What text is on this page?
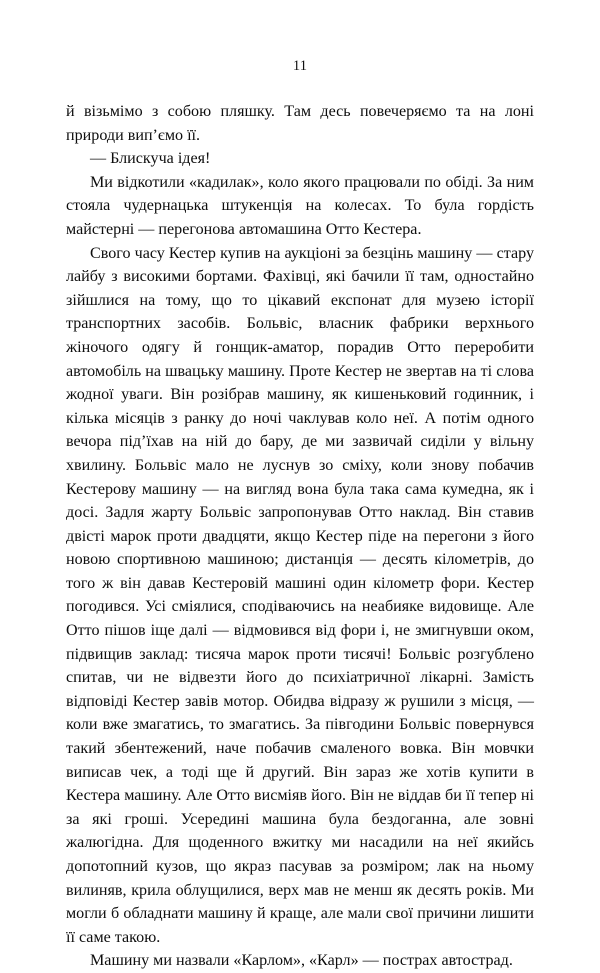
11

й візьмімо з собою пляшку. Там десь повечеряємо та на лоні природи вип’ємо її.

— Блискуча ідея!

Ми відкотили «кадилак», коло якого працювали по обіді. За ним стояла чудернацька штукенція на колесах. То була гордість майстерні — перегонова автомашина Отто Кестера.

Свого часу Кестер купив на аукціоні за безцінь машину — стару лайбу з високими бортами. Фахівці, які бачили її там, одностайно зійшлися на тому, що то цікавий експонат для музею історії транспортних засобів. Больвіс, власник фабрики верхнього жіночого одягу й гонщик-аматор, порадив Отто переробити автомобіль на швацьку машину. Проте Кестер не звертав на ті слова жодної уваги. Він розібрав машину, як кишеньковий годинник, і кілька місяців з ранку до ночі чаклував коло неї. А потім одного вечора під’їхав на ній до бару, де ми зазвичай сиділи у вільну хвилину. Больвіс мало не луснув зо сміху, коли знову побачив Кестерову машину — на вигляд вона була така сама кумедна, як і досі. Задля жарту Больвіс запропонував Отто наклад. Він ставив двісті марок проти двадцяти, якщо Кестер піде на перегони з його новою спортивною машиною; дистанція — десять кілометрів, до того ж він давав Кестеровій машині один кілометр фори. Кестер погодився. Усі сміялися, сподіваючись на неабияке видовище. Але Отто пішов іще далі — відмовився від фори і, не змигнувши оком, підвищив заклад: тисяча марок проти тисячі! Больвіс розгублено спитав, чи не відвезти його до психіатричної лікарні. Замість відповіді Кестер завів мотор. Обидва відразу ж рушили з місця, — коли вже змагатись, то змагатись. За півгодини Больвіс повернувся такий збентежений, наче побачив смаленого вовка. Він мовчки виписав чек, а тоді ще й другий. Він зараз же хотів купити в Кестера машину. Але Отто висміяв його. Він не віддав би її тепер ні за які гроші. Усередині машина була бездоганна, але зовні жалюгідна. Для щоденного вжитку ми насадили на неї якийсь допотопний кузов, що якраз пасував за розміром; лак на ньому вилиняв, крила облущилися, верх мав не менш як десять років. Ми могли б обладнати машину й краще, але мали свої причини лишити її саме такою.

Машину ми назвали «Карлом», «Карл» — пострах автострад.
